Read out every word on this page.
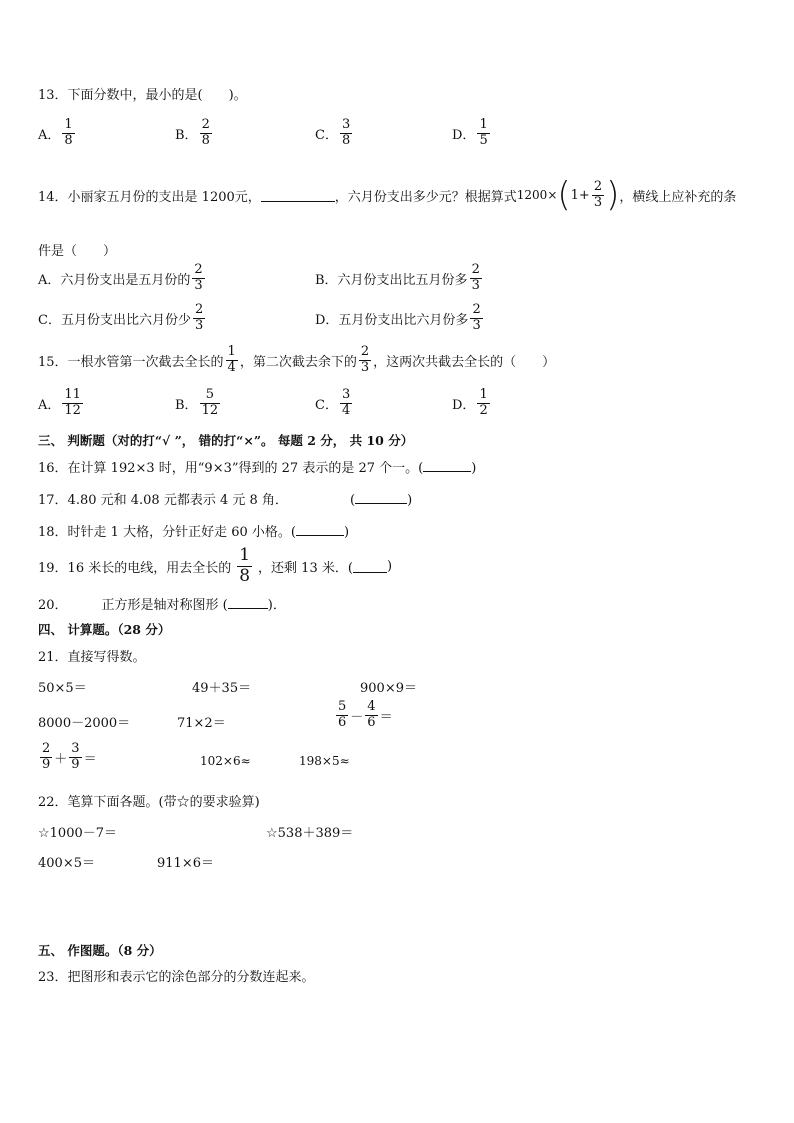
13．下面分数中，最小的是(　　)。
A． $\frac{1}{8}$	B． $\frac{2}{8}$	C． $\frac{3}{8}$	D． $\frac{1}{5}$
14．小丽家五月份的支出是 1200元，	，六月份支出多少元？根据算式 1200× ( $1+ \frac{2}{3}$ ) ，横线上应补充的条
件是（　　）
A．六月份支出是五月份的 $\frac{2}{3}$	B．六月份支出比五月份多 $\frac{2}{3}$
C．五月份支出比六月份少 $\frac{2}{3}$	D．五月份支出比六月份多 $\frac{2}{3}$
15．一根水管第一次截去全长的 $\frac{1}{4}$ ，第二次截去余下的 $\frac{2}{3}$ ，这两次共截去全长的（　　）
A． $\frac{11}{12}$	B． $\frac{5}{12}$	C． $\frac{3}{4}$	D． $\frac{1}{2}$
三、 判断题（对的打“√ ”， 错的打“×”。 每题 2 分， 共 10 分）
16．在计算 192×3 时，用“9×3”得到的 27 表示的是 27 个一。(	)
17．4.80 元和 4.08 元都表示 4 元 8 角．	(	)
18．时针走 1 大格，分针正好走 60 小格。(	)
19．16 米长的电线，用去全长的 $\frac{1}{8}$ ，还剩 13 米．(	)
20．	正方形是轴对称图形 (	)．
四、 计算题。（28 分）
21．直接写得数。
50×5＝	49＋35＝	900×9＝
8000－2000＝	71×2＝	$\frac{5}{6} - \frac{4}{6}$ ＝
$\frac{2}{9} + \frac{3}{9}$ ＝	102×6≈	198×5≈
22．笔算下面各题。(带☆的要求验算)
☆1000－7＝	☆538＋389＝
400×5＝	911×6＝
五、 作图题。（8 分）
23．把图形和表示它的涂色部分的分数连起来。
